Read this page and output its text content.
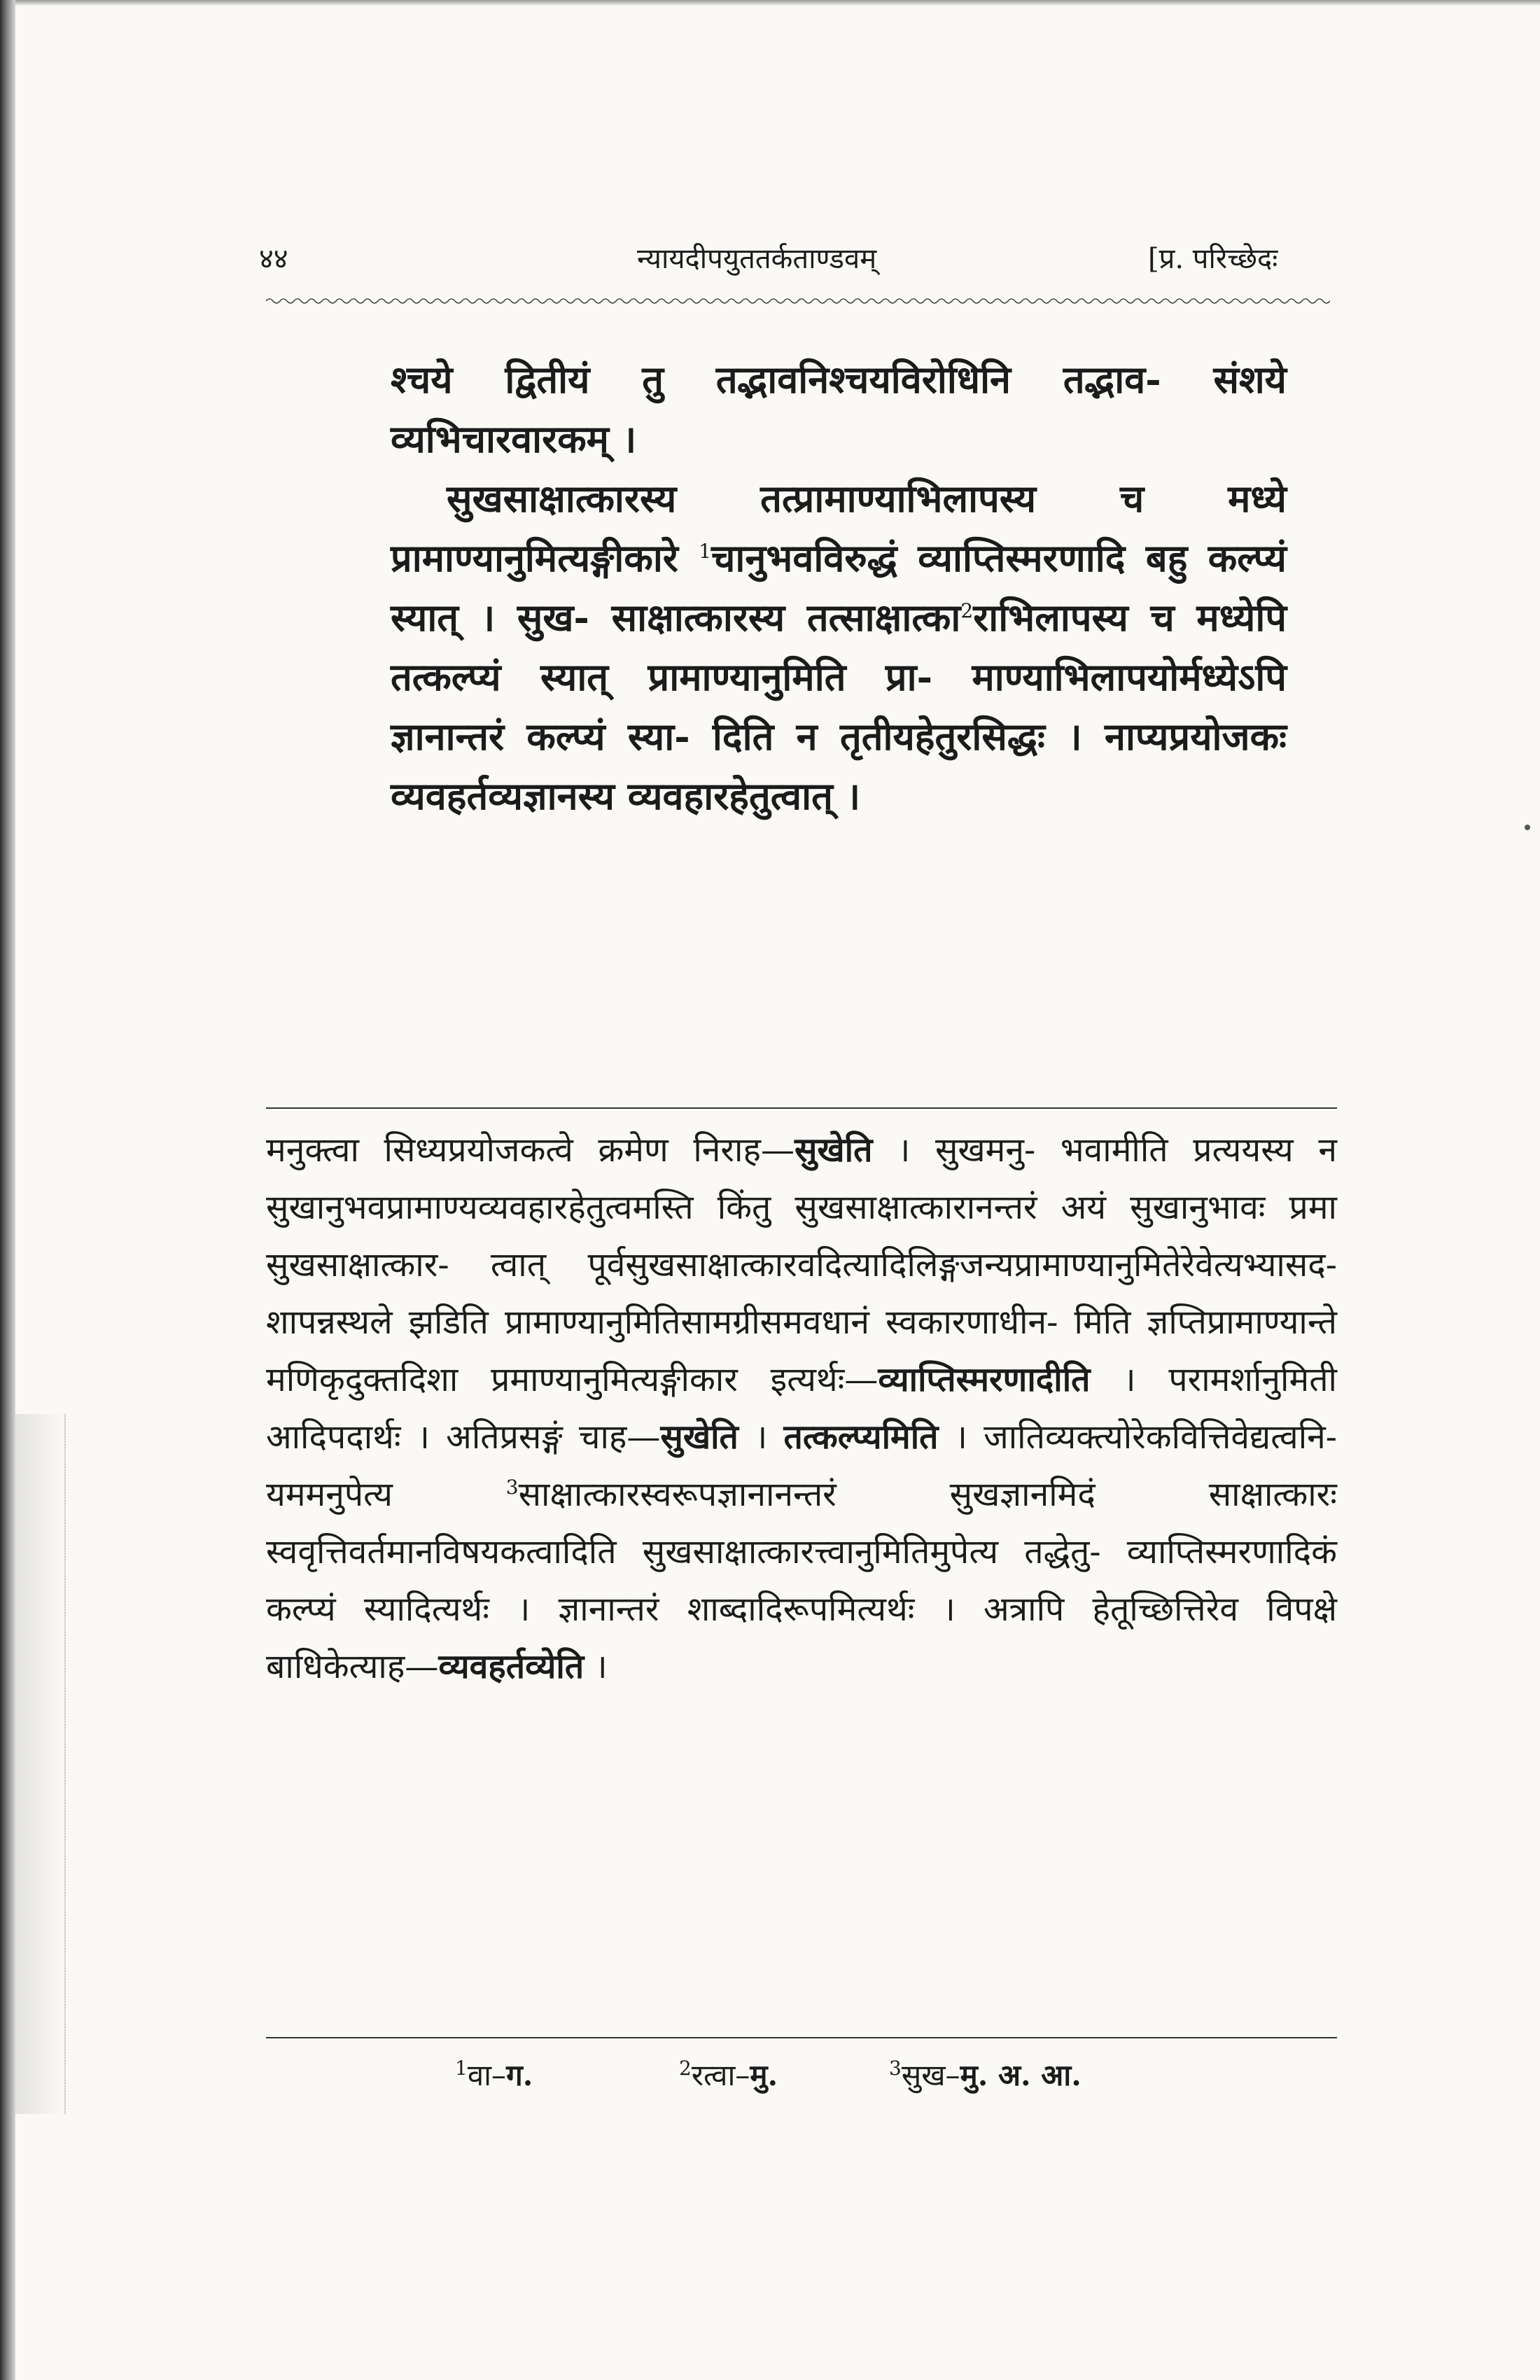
४४	न्यायदीपयुततर्कताण्डवम्	[प्र. परिच्छेदः

श्चये द्वितीयं तु तद्भावनिश्चयविरोधिनि तद्भाव- संशये व्यभिचारवारकम् ।

सुखसाक्षात्कारस्य तत्प्रामाण्याभिलापस्य च मध्ये प्रामाण्यानुमित्यङ्गीकारे $^1$चानुभवविरुद्धं व्याप्तिस्मरणादि बहु कल्प्यं स्यात् । सुख- साक्षात्कारस्य तत्साक्षात्का$^2$राभिलापस्य च मध्येपि तत्कल्प्यं स्यात् प्रामाण्यानुमिति प्रा- माण्याभिलापयोर्मध्येऽपि ज्ञानान्तरं कल्प्यं स्या- दिति न तृतीयहेतुरसिद्धः । नाप्यप्रयोजकः व्यवहर्तव्यज्ञानस्य व्यवहारहेतुत्वात् ।

मनुक्त्वा सिध्यप्रयोजकत्वे क्रमेण निराह—सुखेति । सुखमनु- भवामीति प्रत्ययस्य न सुखानुभवप्रामाण्यव्यवहारहेतुत्वमस्ति किंतु सुखसाक्षात्कारानन्तरं अयं सुखानुभावः प्रमा सुखसाक्षात्कार- त्वात् पूर्वसुखसाक्षात्कारवदित्यादिलिङ्गजन्यप्रामाण्यानुमितेरेवेत्यभ्यासद- शापन्नस्थले झडिति प्रामाण्यानुमितिसामग्रीसमवधानं स्वकारणाधीन- मिति ज्ञप्तिप्रामाण्यान्ते मणिकृदुक्तदिशा प्रमाण्यानुमित्यङ्गीकार इत्यर्थः—व्याप्तिस्मरणादीति । परामर्शानुमिती आदिपदार्थः । अतिप्रसङ्गं चाह—सुखेति । तत्कल्प्यमिति । जातिव्यक्त्योरेकवित्तिवेद्यत्वनि- यममनुपेत्य $^3$साक्षात्कारस्वरूपज्ञानानन्तरं सुखज्ञानमिदं साक्षात्कारः स्ववृत्तिवर्तमानविषयकत्वादिति सुखसाक्षात्कारत्त्वानुमितिमुपेत्य तद्धेतु- व्याप्तिस्मरणादिकं कल्प्यं स्यादित्यर्थः । ज्ञानान्तरं शाब्दादिरूपमित्यर्थः । अत्रापि हेतूच्छित्तिरेव विपक्षे बाधिकेत्याह—व्यवहर्तव्येति ।
$^1$वा–ग.	$^2$रत्वा–मु.	$^3$सुख–मु. अ. आ.
